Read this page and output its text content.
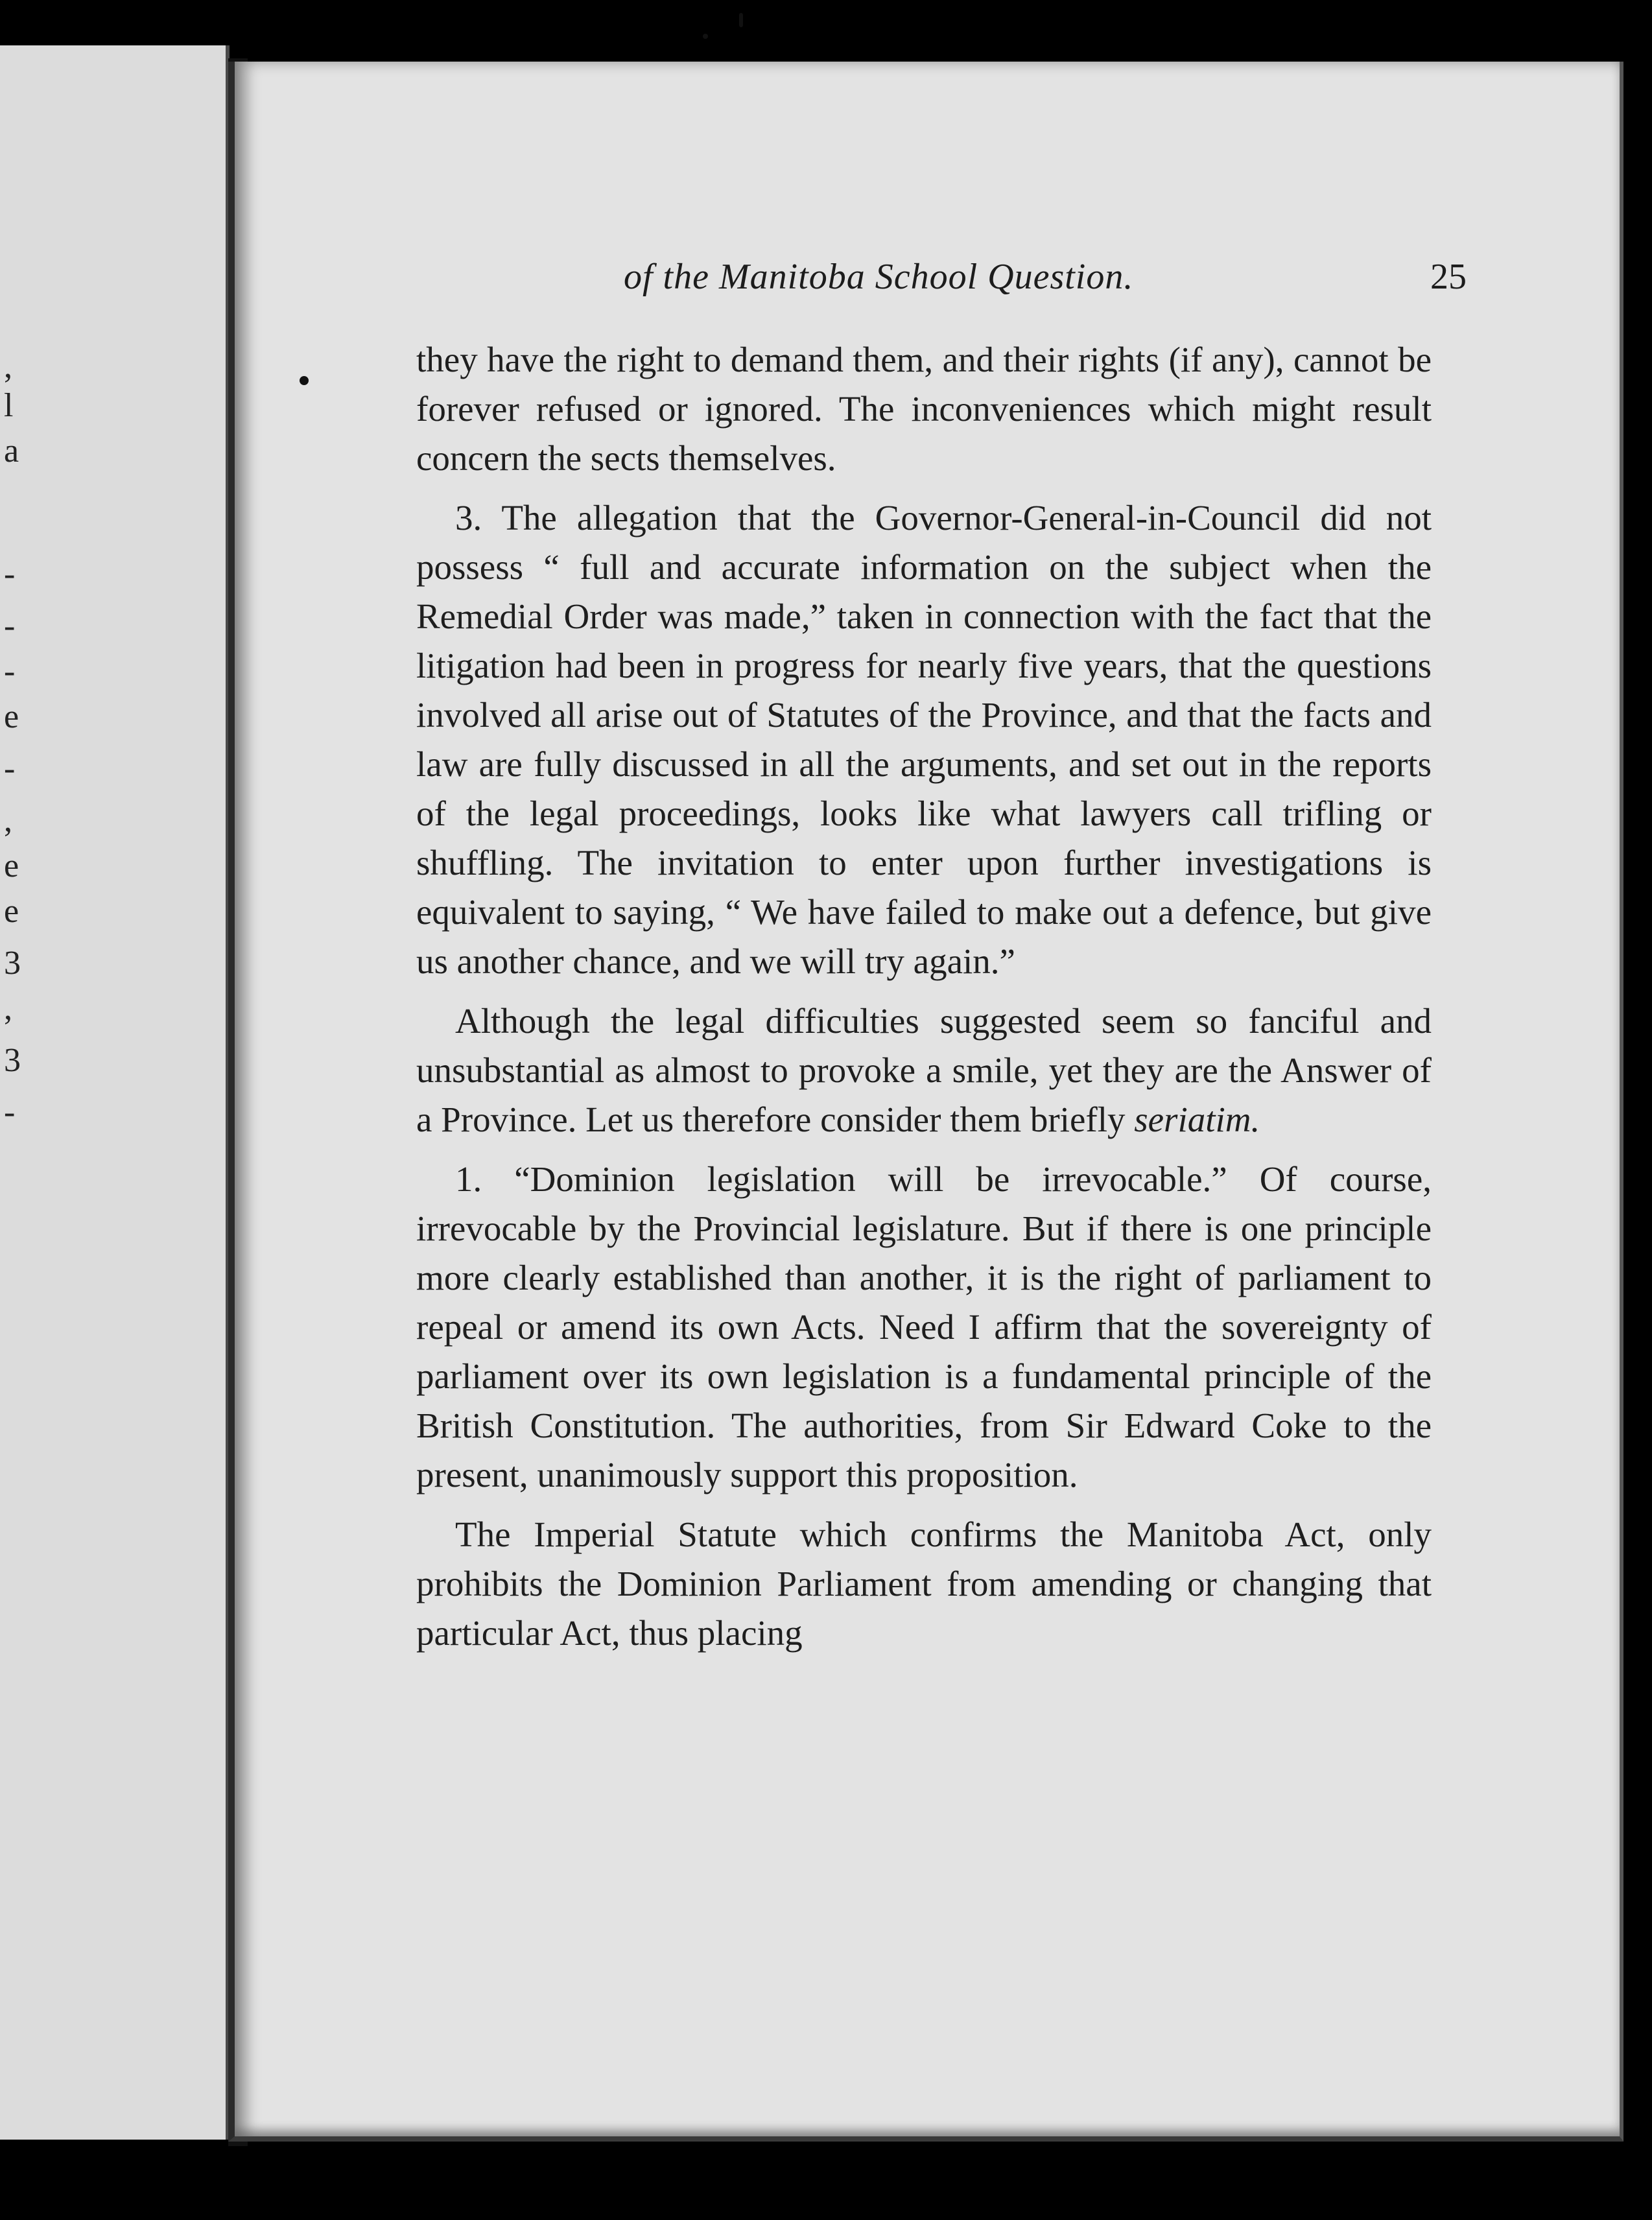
,
l
a
-
-
-
e
-
,
e
e
3
,
3
-
of the Manitoba School Question.	25

they have the right to demand them, and their rights (if any), cannot be forever refused or ignored. The inconveniences which might result concern the sects themselves.

3. The allegation that the Governor-General-in-Council did not possess “ full and accurate information on the subject when the Remedial Order was made,” taken in connection with the fact that the litigation had been in progress for nearly five years, that the questions involved all arise out of Statutes of the Province, and that the facts and law are fully discussed in all the arguments, and set out in the reports of the legal proceedings, looks like what lawyers call trifling or shuffling. The invitation to enter upon further investigations is equivalent to saying, “ We have failed to make out a defence, but give us another chance, and we will try again.”

Although the legal difficulties suggested seem so fanciful and unsubstantial as almost to provoke a smile, yet they are the Answer of a Province. Let us therefore consider them briefly seriatim.

1. “Dominion legislation will be irrevocable.” Of course, irrevocable by the Provincial legislature. But if there is one principle more clearly established than another, it is the right of parliament to repeal or amend its own Acts. Need I affirm that the sovereignty of parliament over its own legislation is a fundamental principle of the British Constitution. The authorities, from Sir Edward Coke to the present, unanimously support this proposition.

The Imperial Statute which confirms the Manitoba Act, only prohibits the Dominion Parliament from amending or changing that particular Act, thus placing
